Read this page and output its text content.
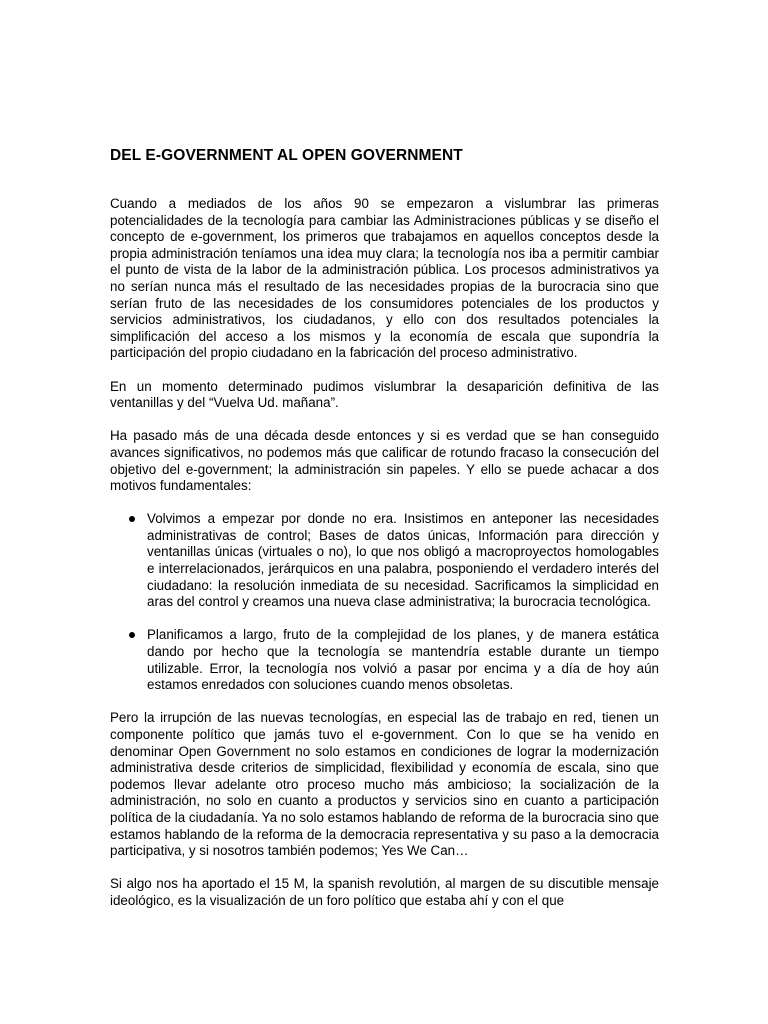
DEL E-GOVERNMENT AL OPEN GOVERNMENT

Cuando a mediados de los años 90 se empezaron a vislumbrar las primeras potencialidades de la tecnología para cambiar las Administraciones públicas y se diseño el concepto de e-government, los primeros que trabajamos en aquellos conceptos desde la propia administración teníamos una idea muy clara; la tecnología nos iba a permitir cambiar el punto de vista de la labor de la administración pública. Los procesos administrativos ya no serían nunca más el resultado de las necesidades propias de la burocracia sino que serían fruto de las necesidades de los consumidores potenciales de los productos y servicios administrativos, los ciudadanos, y ello con dos resultados potenciales la simplificación del acceso a los mismos y la economía de escala que supondría la participación del propio ciudadano en la fabricación del proceso administrativo.

En un momento determinado pudimos vislumbrar la desaparición definitiva de las ventanillas y del “Vuelva Ud. mañana”.

Ha pasado más de una década desde entonces y si es verdad que se han conseguido avances significativos, no podemos más que calificar de rotundo fracaso la consecución del objetivo del e-government; la administración sin papeles. Y ello se puede achacar a dos motivos fundamentales:

Volvimos a empezar por donde no era. Insistimos en anteponer las necesidades administrativas de control; Bases de datos únicas, Información para dirección y ventanillas únicas (virtuales o no), lo que nos obligó a macroproyectos homologables e interrelacionados, jerárquicos en una palabra, posponiendo el verdadero interés del ciudadano: la resolución inmediata de su necesidad. Sacrificamos la simplicidad en aras del control y creamos una nueva clase administrativa; la burocracia tecnológica.
Planificamos a largo, fruto de la complejidad de los planes, y de manera estática dando por hecho que la tecnología se mantendría estable durante un tiempo utilizable. Error, la tecnología nos volvió a pasar por encima y a día de hoy aún estamos enredados con soluciones cuando menos obsoletas.

Pero la irrupción de las nuevas tecnologías, en especial las de trabajo en red, tienen un componente político que jamás tuvo el e-government. Con lo que se ha venido en denominar Open Government no solo estamos en condiciones de lograr la modernización administrativa desde criterios de simplicidad, flexibilidad y economía de escala, sino que podemos llevar adelante otro proceso mucho más ambicioso; la socialización de la administración, no solo en cuanto a productos y servicios sino en cuanto a participación política de la ciudadanía. Ya no solo estamos hablando de reforma de la burocracia sino que estamos hablando de la reforma de la democracia representativa y su paso a la democracia participativa, y si nosotros también podemos; Yes We Can…

Si algo nos ha aportado el 15 M, la spanish revolutión, al margen de su discutible mensaje ideológico, es la visualización de un foro político que estaba ahí y con el que
